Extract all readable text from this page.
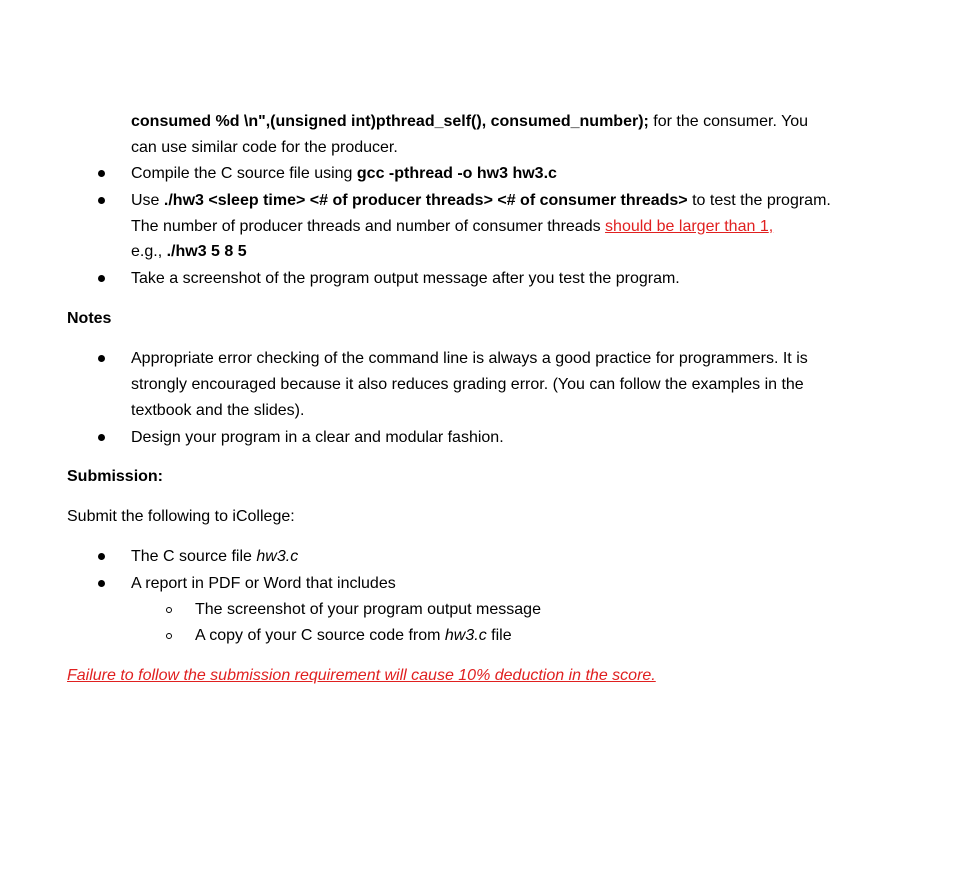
consumed %d \n",(unsigned int)pthread_self(), consumed_number); for the consumer. You
can use similar code for the producer.
Compile the C source file using gcc -pthread -o hw3 hw3.c
Use ./hw3 <sleep time> <# of producer threads> <# of consumer threads> to test the program.
The number of producer threads and number of consumer threads should be larger than 1,
e.g., ./hw3 5 8 5
Take a screenshot of the program output message after you test the program.
Notes
Appropriate error checking of the command line is always a good practice for programmers. It is
strongly encouraged because it also reduces grading error. (You can follow the examples in the
textbook and the slides).
Design your program in a clear and modular fashion.
Submission:
Submit the following to iCollege:
The C source file hw3.c
A report in PDF or Word that includes
The screenshot of your program output message
A copy of your C source code from hw3.c file
Failure to follow the submission requirement will cause 10% deduction in the score.
